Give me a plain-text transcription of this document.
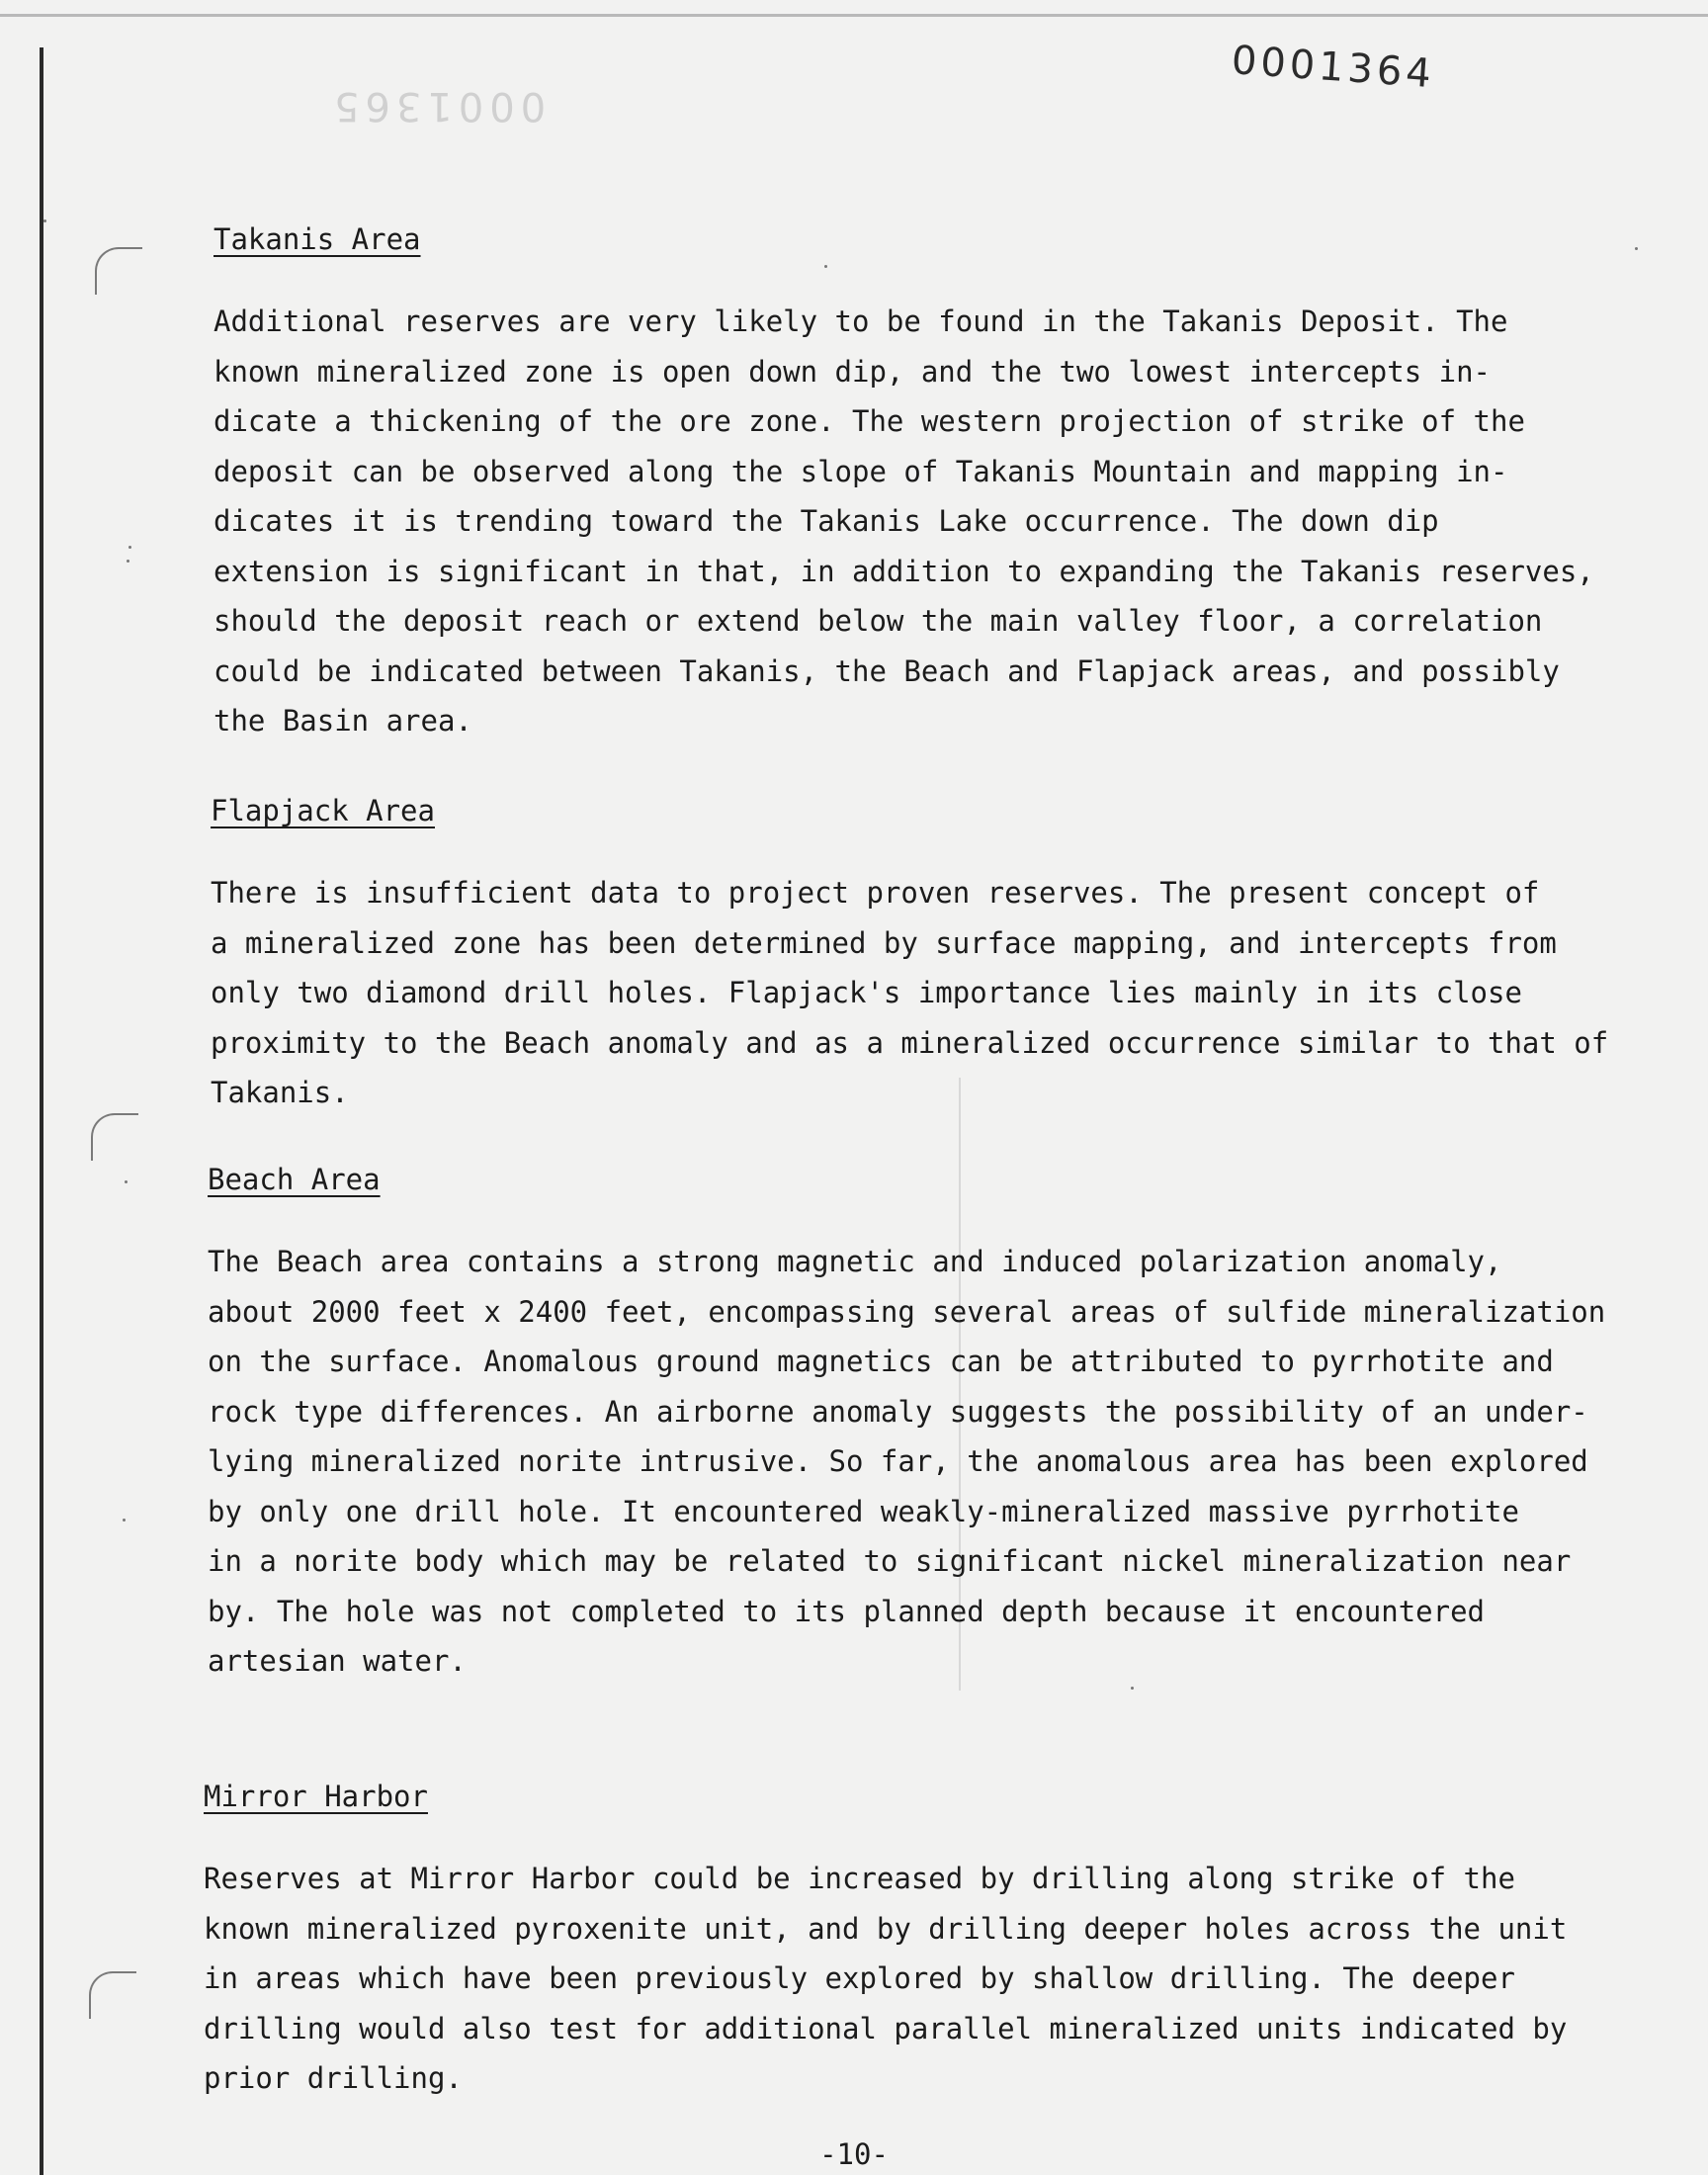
0001364
0001365
Takanis Area

Additional reserves are very likely to be found in the Takanis Deposit. The
known mineralized zone is open down dip, and the two lowest intercepts in-
dicate a thickening of the ore zone. The western projection of strike of the
deposit can be observed along the slope of Takanis Mountain and mapping in-
dicates it is trending toward the Takanis Lake occurrence. The down dip
extension is significant in that, in addition to expanding the Takanis reserves,
should the deposit reach or extend below the main valley floor, a correlation
could be indicated between Takanis, the Beach and Flapjack areas, and possibly
the Basin area.

Flapjack Area

There is insufficient data to project proven reserves. The present concept of
a mineralized zone has been determined by surface mapping, and intercepts from
only two diamond drill holes. Flapjack's importance lies mainly in its close
proximity to the Beach anomaly and as a mineralized occurrence similar to that of
Takanis.

Beach Area

The Beach area contains a strong magnetic and induced polarization anomaly,
about 2000 feet x 2400 feet, encompassing several areas of sulfide mineralization
on the surface. Anomalous ground magnetics can be attributed to pyrrhotite and
rock type differences. An airborne anomaly suggests the possibility of an under-
lying mineralized norite intrusive. So far, the anomalous area has been explored
by only one drill hole. It encountered weakly-mineralized massive pyrrhotite
in a norite body which may be related to significant nickel mineralization near
by. The hole was not completed to its planned depth because it encountered
artesian water.

Mirror Harbor

Reserves at Mirror Harbor could be increased by drilling along strike of the
known mineralized pyroxenite unit, and by drilling deeper holes across the unit
in areas which have been previously explored by shallow drilling. The deeper
drilling would also test for additional parallel mineralized units indicated by
prior drilling.

-10-
